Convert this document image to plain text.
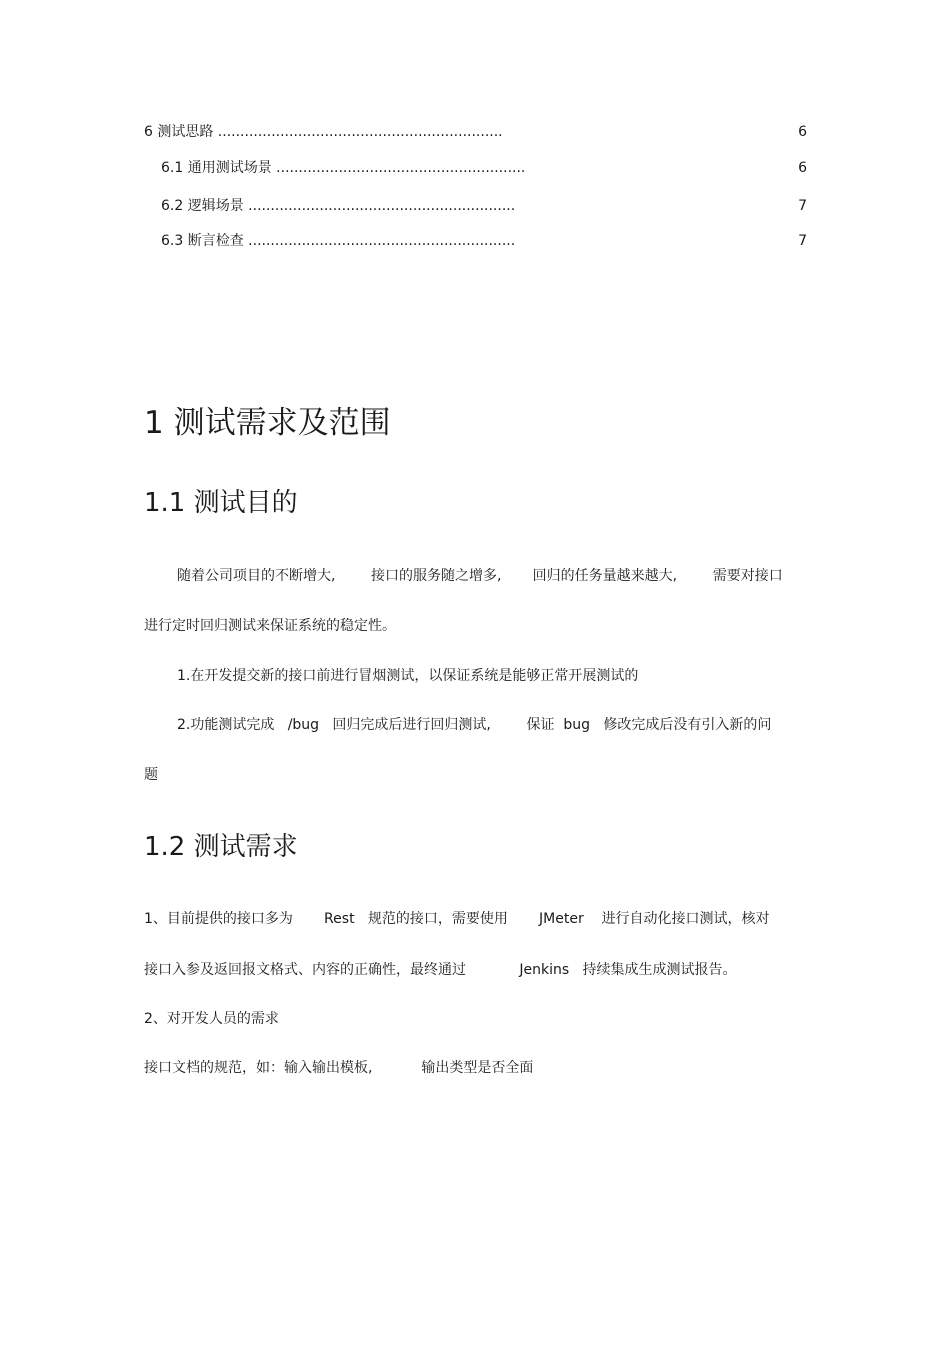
6 测试思路 ................................................................	6
6.1 通用测试场景 ........................................................	6
6.2 逻辑场景 ............................................................	7
6.3 断言检查 ............................................................	7
1 测试需求及范围
1.1 测试目的

随着公司项目的不断增大,        接口的服务随之增多,       回归的任务量越来越大,        需要对接口

进行定时回归测试来保证系统的稳定性。

1.在开发提交新的接口前进行冒烟测试，以保证系统是能够正常开展测试的

2.功能测试完成   /bug   回归完成后进行回归测试,        保证  bug   修改完成后没有引入新的问

题

1.2 测试需求

1、目前提供的接口多为       Rest   规范的接口，需要使用       JMeter    进行自动化接口测试，核对

接口入参及返回报文格式、内容的正确性，最终通过            Jenkins   持续集成生成测试报告。

2、对开发人员的需求

接口文档的规范，如：输入输出模板,           输出类型是否全面
